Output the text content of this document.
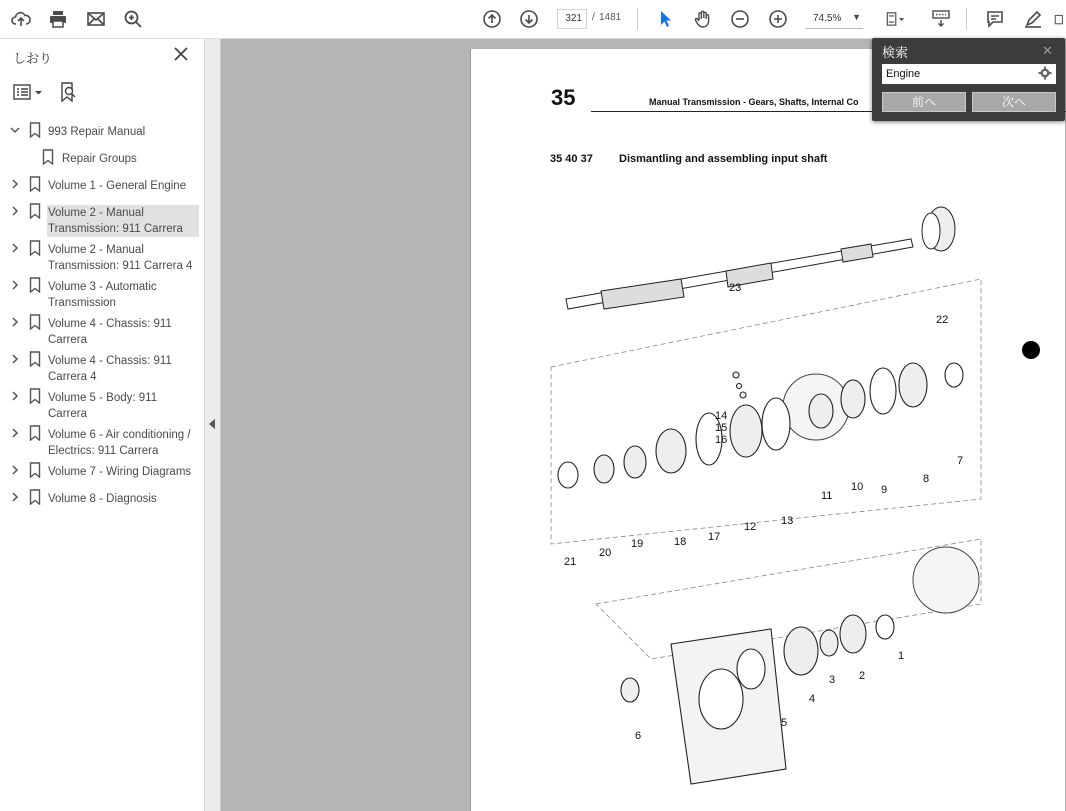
321	/ 1481	74.5% ▼
しおり
993 Repair Manual
Repair Groups
Volume 1 - General Engine
Volume 2 - Manual Transmission: 911 Carrera
Volume 2 - Manual Transmission: 911 Carrera 4
Volume 3 - Automatic Transmission
Volume 4 - Chassis: 911 Carrera
Volume 4 - Chassis: 911 Carrera 4
Volume 5 - Body: 911 Carrera
Volume 6 - Air conditioning / Electrics: 911 Carrera
Volume 7 - Wiring Diagrams
Volume 8 - Diagnosis
35	Manual Transmission - Gears, Shafts, Internal Co
35 40 37 Dismantling and assembling input shaft
1
2
3
4
5
6
7
8
9
10
11
12 13
14
15
16
17
18
19
20
21
22
23
検索	✕
Engine
前へ	次へ
